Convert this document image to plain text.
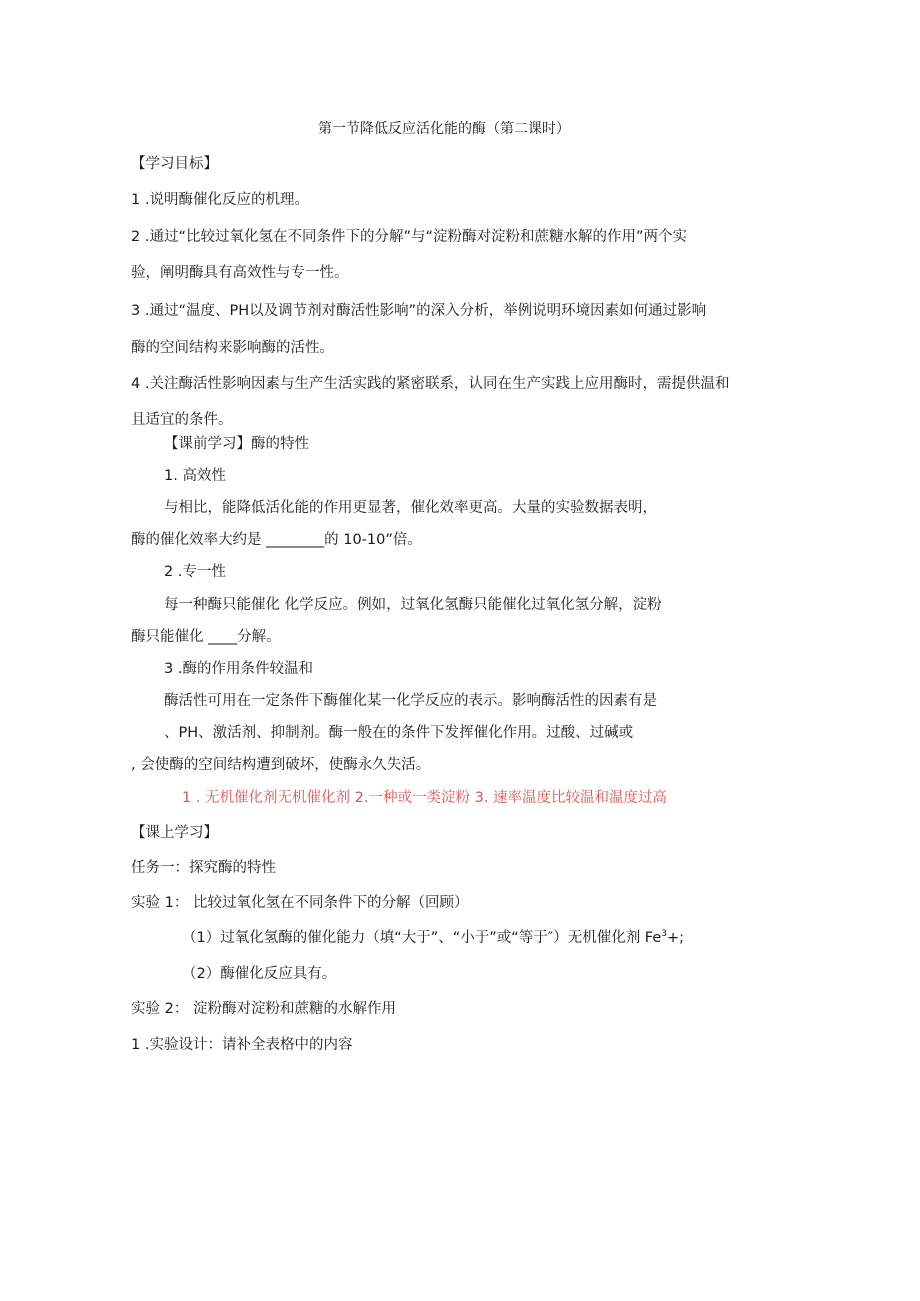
第一节降低反应活化能的酶（第二课时）
【学习目标】
1 .说明酶催化反应的机理。
2 .通过“比较过氧化氢在不同条件下的分解”与“淀粉酶对淀粉和蔗糖水解的作用”两个实
验，阐明酶具有高效性与专一性。
3 .通过“温度、PH以及调节剂对酶活性影响”的深入分析，举例说明环境因素如何通过影响
酶的空间结构来影响酶的活性。
4 .关注酶活性影响因素与生产生活实践的紧密联系，认同在生产实践上应用酶时，需提供温和
且适宜的条件。
【课前学习】酶的特性
1. 高效性
与相比，能降低活化能的作用更显著，催化效率更高。大量的实验数据表明，
酶的催化效率大约是 ________的 10-10”倍。
2 .专一性
每一种酶只能催化 化学反应。例如，过氧化氢酶只能催化过氧化氢分解，淀粉
酶只能催化 ____分解。
3 .酶的作用条件较温和
酶活性可用在一定条件下酶催化某一化学反应的表示。影响酶活性的因素有是
、PH、激活剂、抑制剂。酶一般在的条件下发挥催化作用。过酸、过碱或
, 会使酶的空间结构遭到破坏，使酶永久失活。
1 . 无机催化剂无机催化剂 2.一种或一类淀粉 3. 速率温度比较温和温度过高
【课上学习】
任务一：探究酶的特性
实验 1： 比较过氧化氢在不同条件下的分解（回顾）
（1）过氧化氢酶的催化能力（填“大于”、“小于”或“等于″）无机催化剂 $Fe^3+$;
（2）酶催化反应具有。
实验 2： 淀粉酶对淀粉和蔗糖的水解作用
1 .实验设计：请补全表格中的内容
